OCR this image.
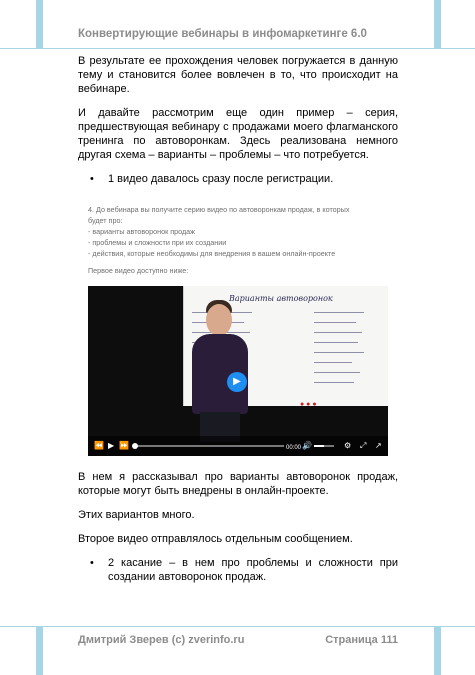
Конвертирующие вебинары в инфомаркетинге 6.0

В результате ее прохождения человек погружается в данную тему и становится более вовлечен в то, что происходит на вебинаре.

И давайте рассмотрим еще один пример – серия, предшествующая вебинару с продажами моего флагманского тренинга по автоворонкам. Здесь реализована немного другая схема – варианты – проблемы – что потребуется.

• 1 видео давалось сразу после регистрации.
4. До вебинара вы получите серию видео по автоворонкам продаж, в которых
будет про:
- варианты автоворонок продаж
- проблемы и сложности при их создании
- действия, которые необходимы для внедрения в вашем онлайн-проекте
Первое видео доступно ниже:
Варианты автоворонок
● ● ●
▶
⏪ ▶ ⏩	00:00 🔊	⚙ ⤢ ↗

В нем я рассказывал про варианты автоворонок продаж, которые могут быть внедрены в онлайн-проекте.

Этих вариантов много.

Второе видео отправлялось отдельным сообщением.

• 2 касание – в нем про проблемы и сложности при создании автоворонок продаж.
Дмитрий Зверев (c) zverinfo.ru	Страница 111
